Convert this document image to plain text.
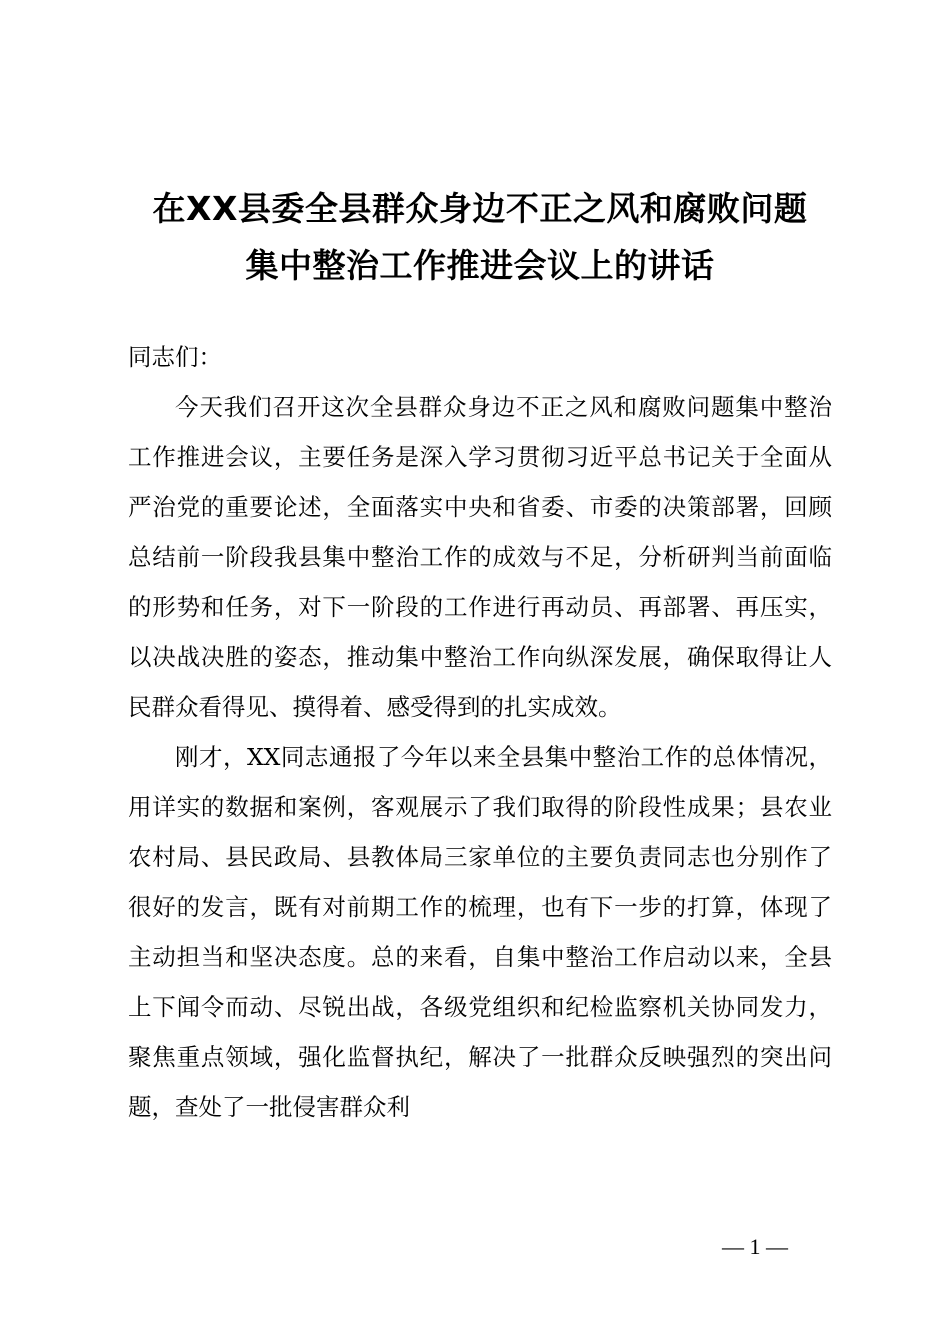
在XX县委全县群众身边不正之风和腐败问题
集中整治工作推进会议上的讲话

同志们：

今天我们召开这次全县群众身边不正之风和腐败问题集中整治工作推进会议，主要任务是深入学习贯彻习近平总书记关于全面从严治党的重要论述，全面落实中央和省委、市委的决策部署，回顾总结前一阶段我县集中整治工作的成效与不足，分析研判当前面临的形势和任务，对下一阶段的工作进行再动员、再部署、再压实，以决战决胜的姿态，推动集中整治工作向纵深发展，确保取得让人民群众看得见、摸得着、感受得到的扎实成效。

刚才，XX同志通报了今年以来全县集中整治工作的总体情况，用详实的数据和案例，客观展示了我们取得的阶段性成果；县农业农村局、县民政局、县教体局三家单位的主要负责同志也分别作了很好的发言，既有对前期工作的梳理，也有下一步的打算，体现了主动担当和坚决态度。总的来看，自集中整治工作启动以来，全县上下闻令而动、尽锐出战，各级党组织和纪检监察机关协同发力，聚焦重点领域，强化监督执纪，解决了一批群众反映强烈的突出问题，查处了一批侵害群众利

— 1 —
